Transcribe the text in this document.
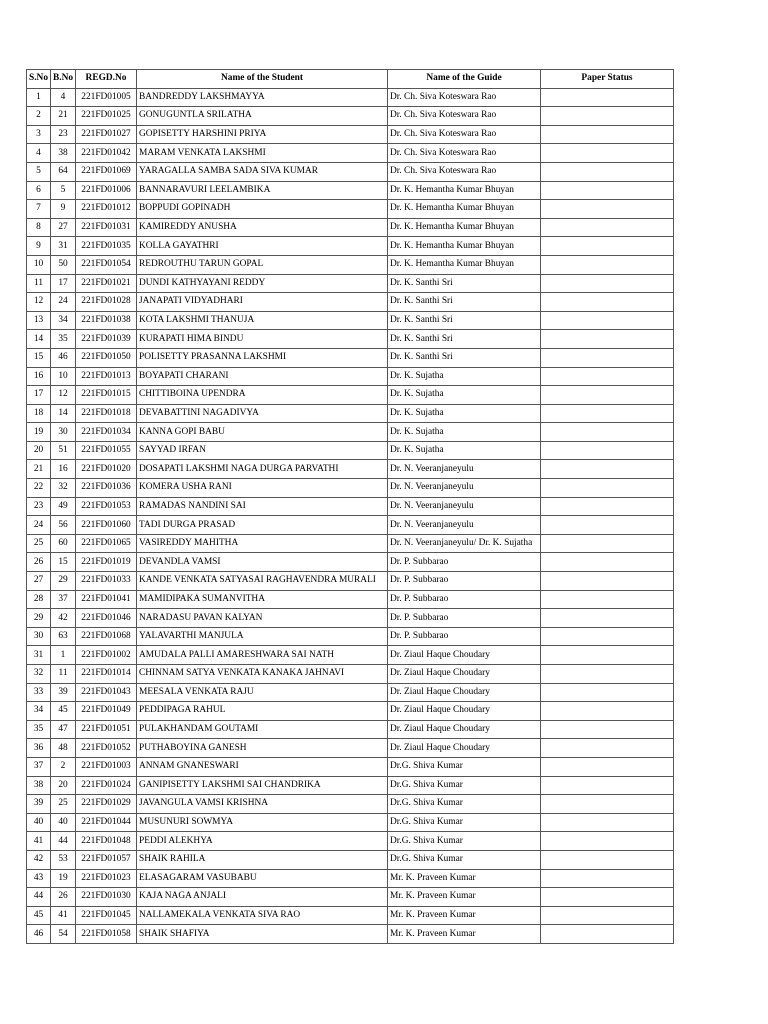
S.No	B.No	REGD.No	Name of the Student	Name of the Guide	Paper Status
1	4	221FD01005	BANDREDDY LAKSHMAYYA	Dr. Ch. Siva Koteswara Rao	
2	21	221FD01025	GONUGUNTLA SRILATHA	Dr. Ch. Siva Koteswara Rao	
3	23	221FD01027	GOPISETTY HARSHINI PRIYA	Dr. Ch. Siva Koteswara Rao	
4	38	221FD01042	MARAM VENKATA LAKSHMI	Dr. Ch. Siva Koteswara Rao	
5	64	221FD01069	YARAGALLA SAMBA SADA SIVA KUMAR	Dr. Ch. Siva Koteswara Rao	
6	5	221FD01006	BANNARAVURI LEELAMBIKA	Dr. K. Hemantha Kumar Bhuyan	
7	9	221FD01012	BOPPUDI GOPINADH	Dr. K. Hemantha Kumar Bhuyan	
8	27	221FD01031	KAMIREDDY ANUSHA	Dr. K. Hemantha Kumar Bhuyan	
9	31	221FD01035	KOLLA GAYATHRI	Dr. K. Hemantha Kumar Bhuyan	
10	50	221FD01054	REDROUTHU TARUN GOPAL	Dr. K. Hemantha Kumar Bhuyan	
11	17	221FD01021	DUNDI KATHYAYANI REDDY	Dr. K. Santhi Sri	
12	24	221FD01028	JANAPATI VIDYADHARI	Dr. K. Santhi Sri	
13	34	221FD01038	KOTA LAKSHMI THANUJA	Dr. K. Santhi Sri	
14	35	221FD01039	KURAPATI HIMA BINDU	Dr. K. Santhi Sri	
15	46	221FD01050	POLISETTY PRASANNA LAKSHMI	Dr. K. Santhi Sri	
16	10	221FD01013	BOYAPATI CHARANI	Dr. K. Sujatha	
17	12	221FD01015	CHITTIBOINA UPENDRA	Dr. K. Sujatha	
18	14	221FD01018	DEVABATTINI NAGADIVYA	Dr. K. Sujatha	
19	30	221FD01034	KANNA GOPI BABU	Dr. K. Sujatha	
20	51	221FD01055	SAYYAD IRFAN	Dr. K. Sujatha	
21	16	221FD01020	DOSAPATI LAKSHMI NAGA DURGA PARVATHI	Dr. N. Veeranjaneyulu	
22	32	221FD01036	KOMERA USHA RANI	Dr. N. Veeranjaneyulu	
23	49	221FD01053	RAMADAS NANDINI SAI	Dr. N. Veeranjaneyulu	
24	56	221FD01060	TADI DURGA PRASAD	Dr. N. Veeranjaneyulu	
25	60	221FD01065	VASIREDDY MAHITHA	Dr. N. Veeranjaneyulu/ Dr. K. Sujatha	
26	15	221FD01019	DEVANDLA VAMSI	Dr. P. Subbarao	
27	29	221FD01033	KANDE VENKATA SATYASAI RAGHAVENDRA MURALI	Dr. P. Subbarao	
28	37	221FD01041	MAMIDIPAKA SUMANVITHA	Dr. P. Subbarao	
29	42	221FD01046	NARADASU PAVAN KALYAN	Dr. P. Subbarao	
30	63	221FD01068	YALAVARTHI MANJULA	Dr. P. Subbarao	
31	1	221FD01002	AMUDALA PALLI AMARESHWARA SAI NATH	Dr. Ziaul Haque Choudary	
32	11	221FD01014	CHINNAM SATYA VENKATA KANAKA JAHNAVI	Dr. Ziaul Haque Choudary	
33	39	221FD01043	MEESALA VENKATA RAJU	Dr. Ziaul Haque Choudary	
34	45	221FD01049	PEDDIPAGA RAHUL	Dr. Ziaul Haque Choudary	
35	47	221FD01051	PULAKHANDAM GOUTAMI	Dr. Ziaul Haque Choudary	
36	48	221FD01052	PUTHABOYINA GANESH	Dr. Ziaul Haque Choudary	
37	2	221FD01003	ANNAM GNANESWARI	Dr.G. Shiva Kumar	
38	20	221FD01024	GANIPISETTY LAKSHMI SAI CHANDRIKA	Dr.G. Shiva Kumar	
39	25	221FD01029	JAVANGULA VAMSI KRISHNA	Dr.G. Shiva Kumar	
40	40	221FD01044	MUSUNURI SOWMYA	Dr.G. Shiva Kumar	
41	44	221FD01048	PEDDI ALEKHYA	Dr.G. Shiva Kumar	
42	53	221FD01057	SHAIK RAHILA	Dr.G. Shiva Kumar	
43	19	221FD01023	ELASAGARAM VASUBABU	Mr. K. Praveen Kumar	
44	26	221FD01030	KAJA NAGA ANJALI	Mr. K. Praveen Kumar	
45	41	221FD01045	NALLAMEKALA VENKATA SIVA RAO	Mr. K. Praveen Kumar	
46	54	221FD01058	SHAIK SHAFIYA	Mr. K. Praveen Kumar	
